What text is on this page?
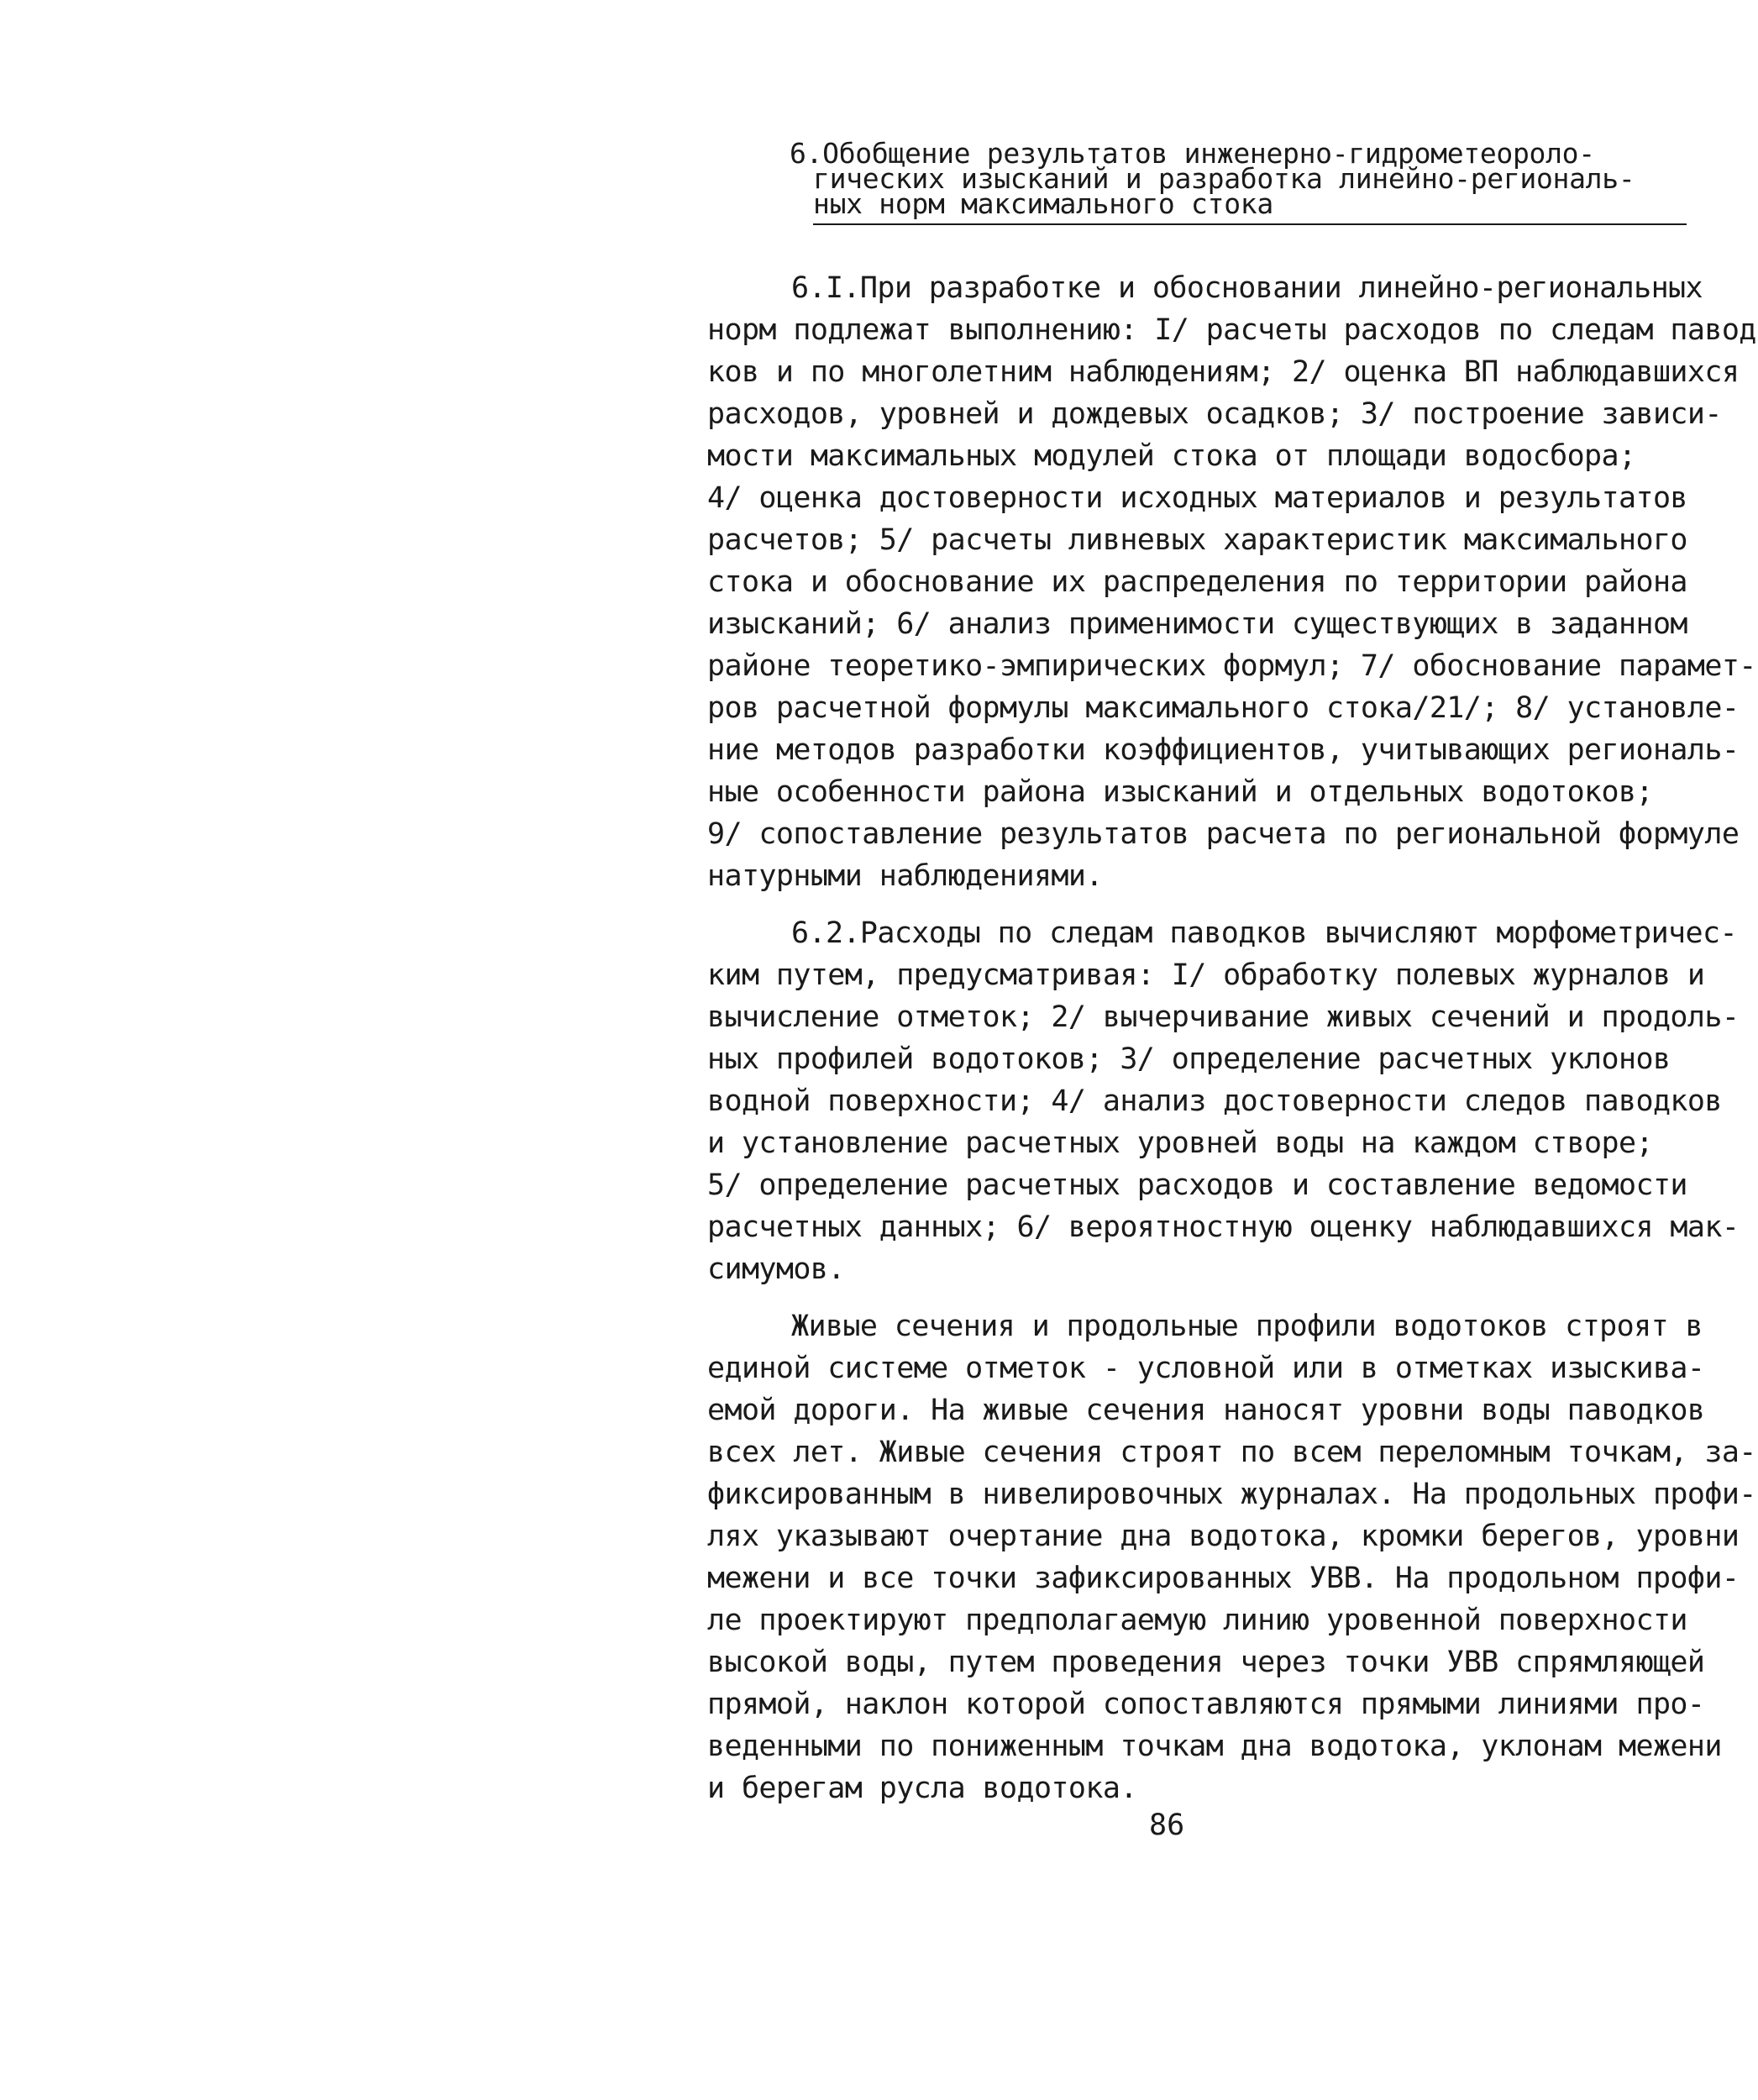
6.Обобщение результатов инженерно-гидрометеороло-
гических изысканий и разработка линейно-региональ-
ных норм максимального стока
6.I.При разработке и обосновании линейно-региональных
норм подлежат выполнению: I/ расчеты расходов по следам павод
ков и по многолетним наблюдениям; 2/ оценка ВП наблюдавшихся
расходов, уровней и дождевых осадков; 3/ построение зависи-
мости максимальных модулей стока от площади водосбора;
4/ оценка достоверности исходных материалов и результатов
расчетов; 5/ расчеты ливневых характеристик максимального
стока и обоснование их распределения по территории района
изысканий; 6/ анализ применимости существующих в заданном
районе теоретико-эмпирических формул; 7/ обоснование парамет-
ров расчетной формулы максимального стока/21/; 8/ установле-
ние методов разработки коэффициентов, учитывающих региональ-
ные особенности района изысканий и отдельных водотоков;
9/ сопоставление результатов расчета по региональной формуле
натурными наблюдениями.
6.2.Расходы по следам паводков вычисляют морфометричес-
ким путем, предусматривая: I/ обработку полевых журналов и
вычисление отметок; 2/ вычерчивание живых сечений и продоль-
ных профилей водотоков; 3/ определение расчетных уклонов
водной поверхности; 4/ анализ достоверности следов паводков
и установление расчетных уровней воды на каждом створе;
5/ определение расчетных расходов и составление ведомости
расчетных данных; 6/ вероятностную оценку наблюдавшихся мак-
симумов.
Живые сечения и продольные профили водотоков строят в
единой системе отметок - условной или в отметках изыскива-
емой дороги. На живые сечения наносят уровни воды паводков
всех лет. Живые сечения строят по всем переломным точкам, за-
фиксированным в нивелировочных журналах. На продольных профи-
лях указывают очертание дна водотока, кромки берегов, уровни
межени и все точки зафиксированных УВВ. На продольном профи-
ле проектируют предполагаемую линию уровенной поверхности
высокой воды, путем проведения через точки УВВ спрямляющей
прямой, наклон которой сопоставляются прямыми линиями про-
веденными по пониженным точкам дна водотока, уклонам межени
и берегам русла водотока.
86
